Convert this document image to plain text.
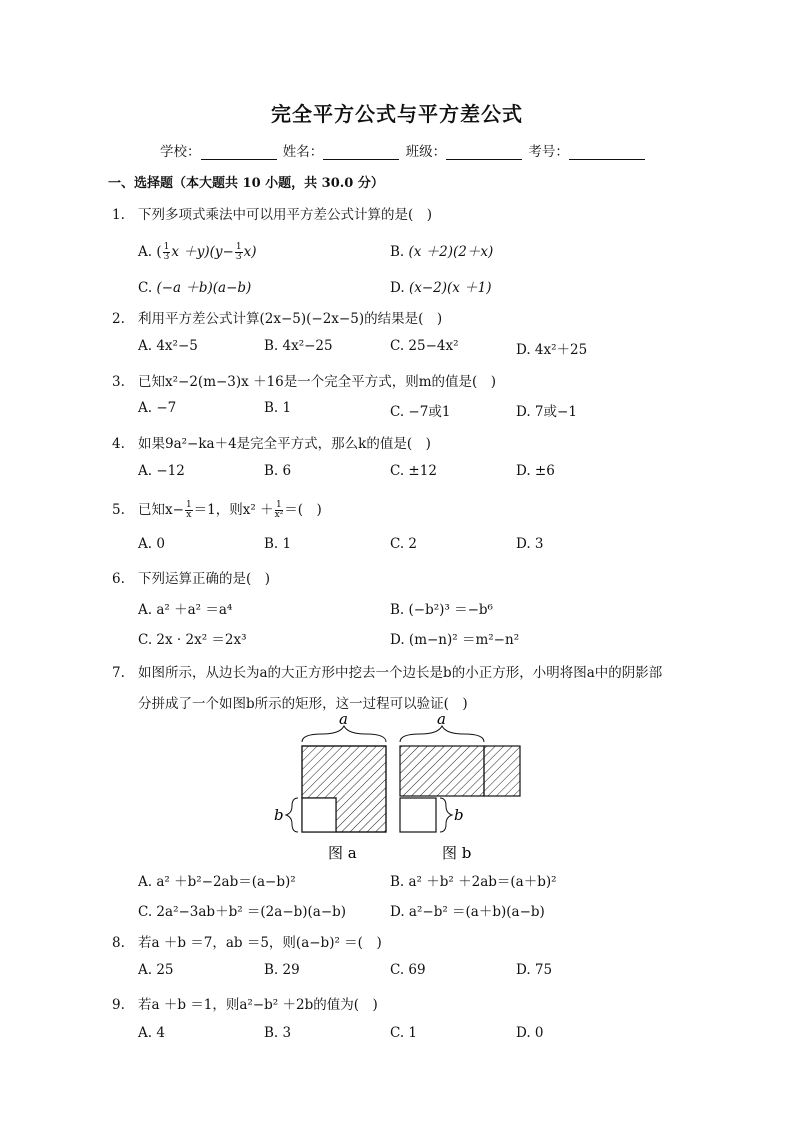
完全平方公式与平方差公式
学校：	姓名：	班级：	考号：
一、选择题（本大题共 10 小题，共 30.0 分）
1. 下列多项式乘法中可以用平方差公式计算的是(　)
A. ( $\frac{1}{3}$ $x +y)(y- \frac{1}{3} x)$	B. (x ＋2)(2＋x)
C. (−a ＋b)(a−b)	D. (x−2)(x ＋1)
2. 利用平方差公式计算(2x−5)(−2x−5)的结果是(　)
A. 4x²−5	B. 4x²−25	C. 25−4x²	D. 4x²＋25
3. 已知x²−2(m−3)x ＋16是一个完全平方式，则m的值是(　)
A. −7	B. 1	C. −7或1	D. 7或−1
4. 如果9a²−ka＋4是完全平方式，那么k的值是(　)
A. −12	B. 6	C. ±12	D. ±6
5. 已知$x- \frac{1}{x} =1$，则$x^2 + \frac{1}{\text{x²}}$ ＝(　)
A. 0	B. 1	C. 2	D. 3
6. 下列运算正确的是(　)
A. a² ＋a² ＝a⁴	B. (−b²)³ ＝−b⁶
C. 2x · 2x² ＝2x³	D. (m−n)² ＝m²−n²
7. 如图所示，从边长为a的大正方形中挖去一个边长是b的小正方形，小明将图a中的阴影部
分拼成了一个如图b所示的矩形，这一过程可以验证(　)
a
b
图 a
a
b
图 b
A. a² ＋b²−2ab＝(a−b)²	B. a² ＋b² ＋2ab＝(a＋b)²
C. 2a²−3ab＋b² ＝(2a−b)(a−b)	D. a²−b² ＝(a＋b)(a−b)
8. 若a ＋b ＝7，ab ＝5，则(a−b)² ＝(　)
A. 25	B. 29	C. 69	D. 75
9. 若a ＋b ＝1，则a²−b² ＋2b的值为(　)
A. 4	B. 3	C. 1	D. 0
